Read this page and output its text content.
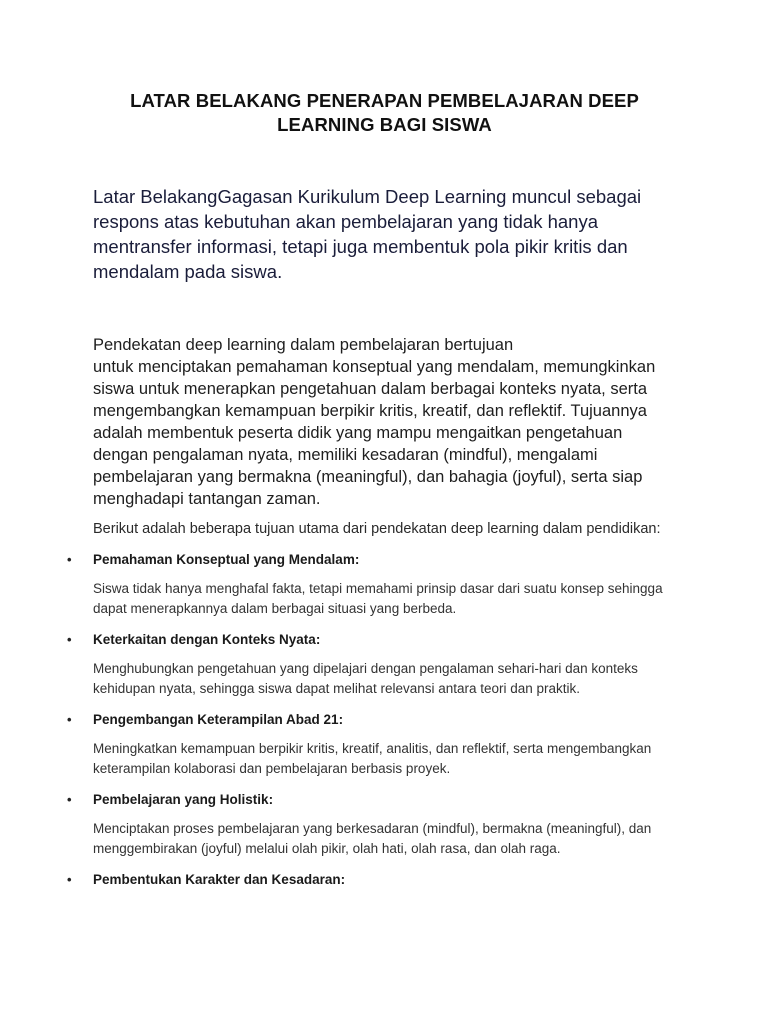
LATAR BELAKANG PENERAPAN PEMBELAJARAN DEEP LEARNING BAGI SISWA

Latar BelakangGagasan Kurikulum Deep Learning muncul sebagai respons atas kebutuhan akan pembelajaran yang tidak hanya mentransfer informasi, tetapi juga membentuk pola pikir kritis dan mendalam pada siswa.

Pendekatan deep learning dalam pembelajaran bertujuan
untuk menciptakan pemahaman konseptual yang mendalam, memungkinkan siswa untuk menerapkan pengetahuan dalam berbagai konteks nyata, serta mengembangkan kemampuan berpikir kritis, kreatif, dan reflektif. Tujuannya adalah membentuk peserta didik yang mampu mengaitkan pengetahuan dengan pengalaman nyata, memiliki kesadaran (mindful), mengalami pembelajaran yang bermakna (meaningful), dan bahagia (joyful), serta siap menghadapi tantangan zaman.

Berikut adalah beberapa tujuan utama dari pendekatan deep learning dalam pendidikan:

• Pemahaman Konseptual yang Mendalam:

Siswa tidak hanya menghafal fakta, tetapi memahami prinsip dasar dari suatu konsep sehingga dapat menerapkannya dalam berbagai situasi yang berbeda.

• Keterkaitan dengan Konteks Nyata:

Menghubungkan pengetahuan yang dipelajari dengan pengalaman sehari-hari dan konteks kehidupan nyata, sehingga siswa dapat melihat relevansi antara teori dan praktik.

• Pengembangan Keterampilan Abad 21:

Meningkatkan kemampuan berpikir kritis, kreatif, analitis, dan reflektif, serta mengembangkan keterampilan kolaborasi dan pembelajaran berbasis proyek.

• Pembelajaran yang Holistik:

Menciptakan proses pembelajaran yang berkesadaran (mindful), bermakna (meaningful), dan menggembirakan (joyful) melalui olah pikir, olah hati, olah rasa, dan olah raga.

• Pembentukan Karakter dan Kesadaran:
